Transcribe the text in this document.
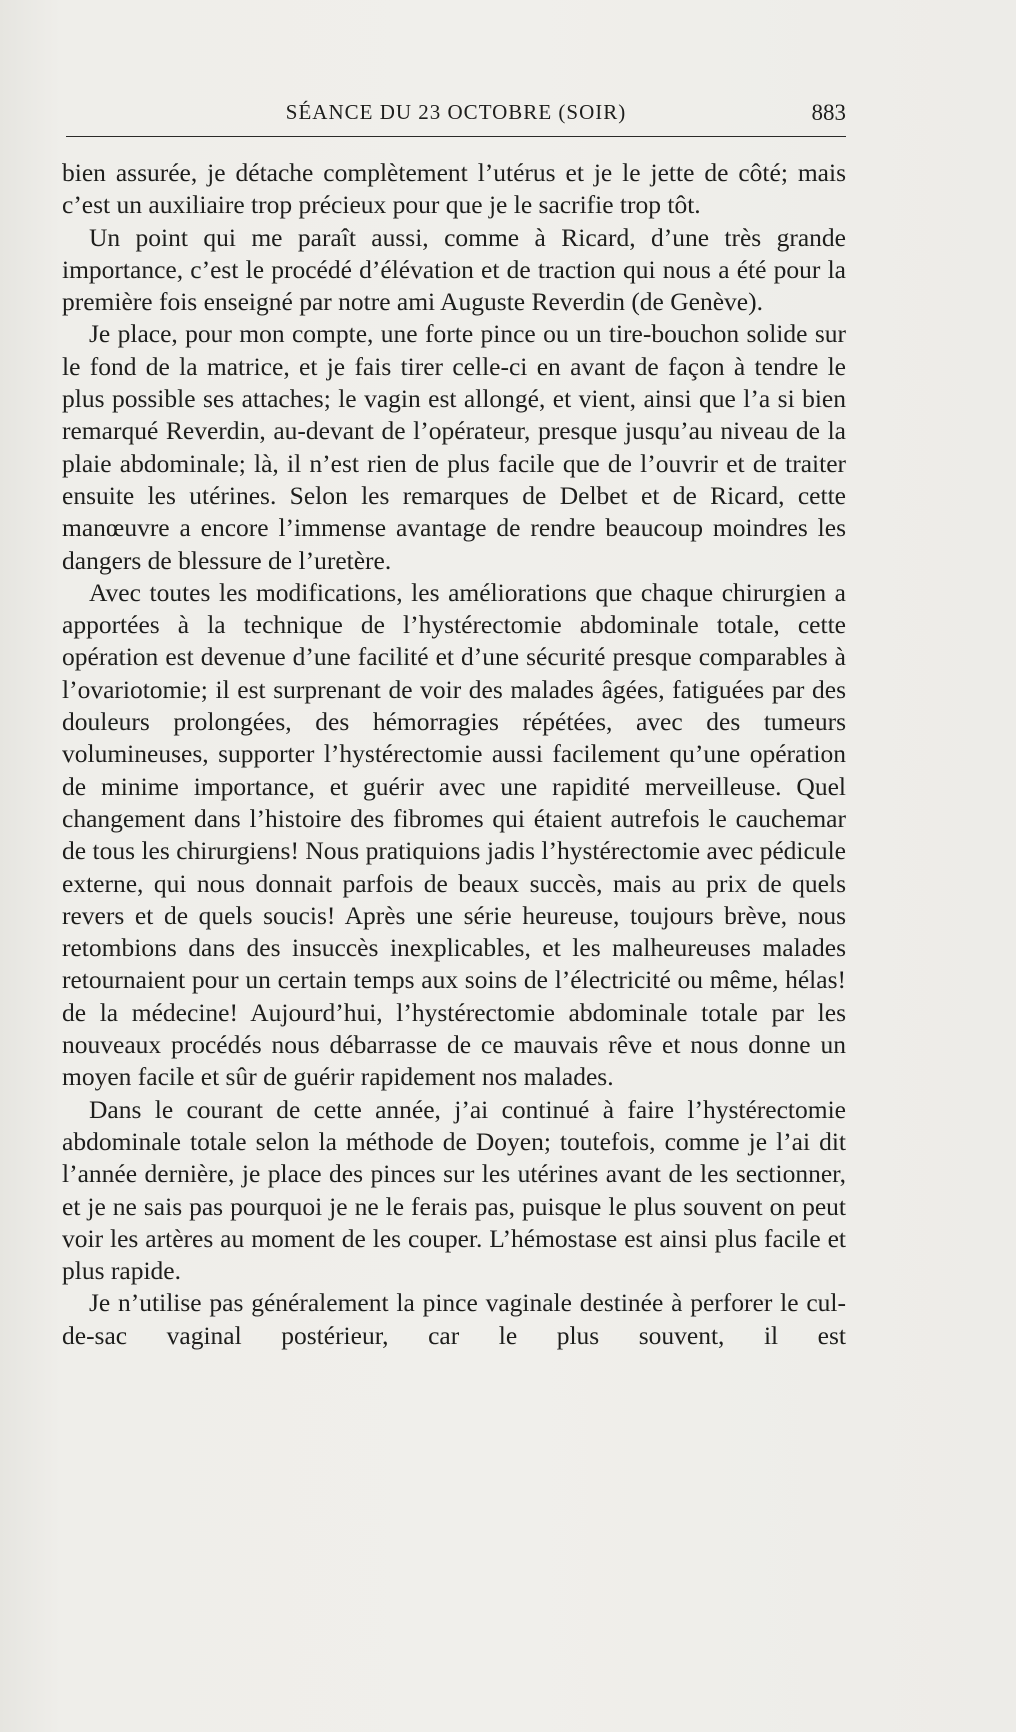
SÉANCE DU 23 OCTOBRE (SOIR)	883

bien assurée, je détache complètement l’utérus et je le jette de côté; mais c’est un auxiliaire trop précieux pour que je le sacrifie trop tôt.

Un point qui me paraît aussi, comme à Ricard, d’une très grande importance, c’est le procédé d’élévation et de traction qui nous a été pour la première fois enseigné par notre ami Auguste Reverdin (de Genève).

Je place, pour mon compte, une forte pince ou un tire-bouchon solide sur le fond de la matrice, et je fais tirer celle-ci en avant de façon à tendre le plus possible ses attaches; le vagin est allongé, et vient, ainsi que l’a si bien remarqué Reverdin, au-devant de l’opérateur, presque jusqu’au niveau de la plaie abdominale; là, il n’est rien de plus facile que de l’ouvrir et de traiter ensuite les utérines. Selon les remarques de Delbet et de Ricard, cette manœuvre a encore l’immense avantage de rendre beaucoup moindres les dangers de blessure de l’uretère.

Avec toutes les modifications, les améliorations que chaque chirurgien a apportées à la technique de l’hystérectomie abdominale totale, cette opération est devenue d’une facilité et d’une sécurité presque comparables à l’ovariotomie; il est surprenant de voir des malades âgées, fatiguées par des douleurs prolongées, des hémorragies répétées, avec des tumeurs volumineuses, supporter l’hystérectomie aussi facilement qu’une opération de minime importance, et guérir avec une rapidité merveilleuse. Quel changement dans l’histoire des fibromes qui étaient autrefois le cauchemar de tous les chirurgiens! Nous pratiquions jadis l’hystérectomie avec pédicule externe, qui nous donnait parfois de beaux succès, mais au prix de quels revers et de quels soucis! Après une série heureuse, toujours brève, nous retombions dans des insuccès inexplicables, et les malheureuses malades retournaient pour un certain temps aux soins de l’électricité ou même, hélas! de la médecine! Aujourd’hui, l’hystérectomie abdominale totale par les nouveaux procédés nous débarrasse de ce mauvais rêve et nous donne un moyen facile et sûr de guérir rapidement nos malades.

Dans le courant de cette année, j’ai continué à faire l’hystérectomie abdominale totale selon la méthode de Doyen; toutefois, comme je l’ai dit l’année dernière, je place des pinces sur les utérines avant de les sectionner, et je ne sais pas pourquoi je ne le ferais pas, puisque le plus souvent on peut voir les artères au moment de les couper. L’hémostase est ainsi plus facile et plus rapide.

Je n’utilise pas généralement la pince vaginale destinée à perforer le cul-de-sac vaginal postérieur, car le plus souvent, il est
